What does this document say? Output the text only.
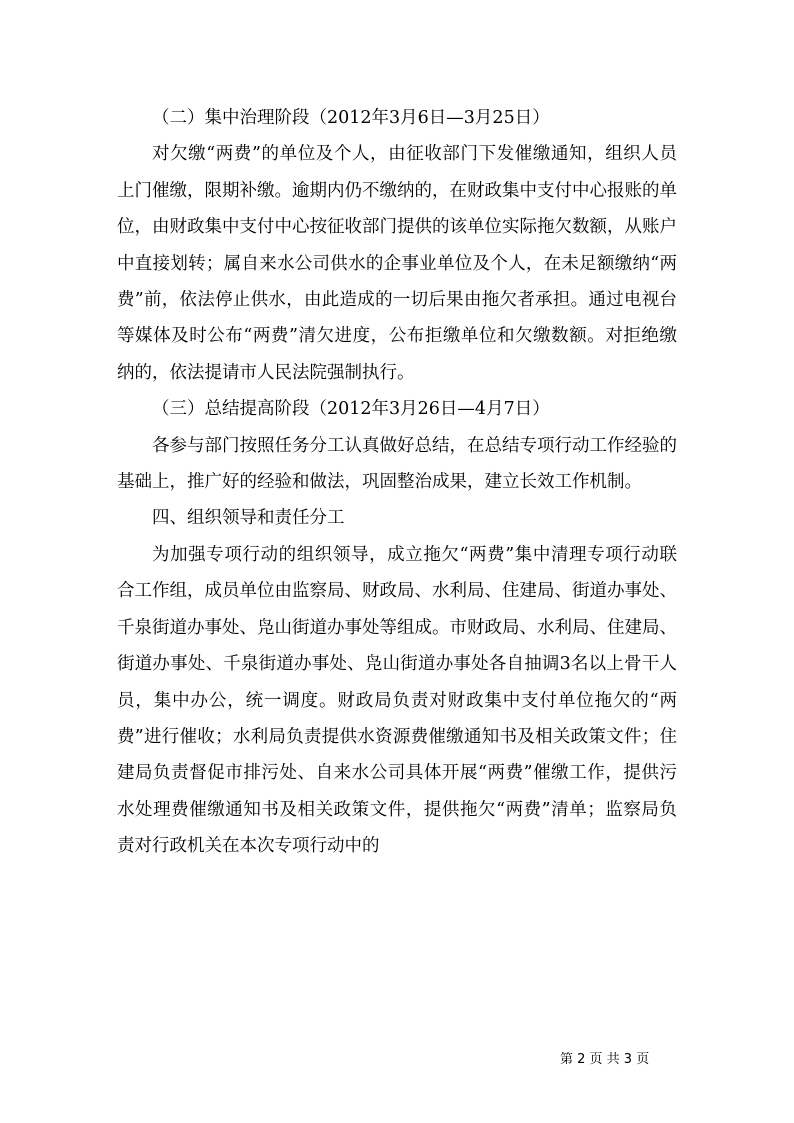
（二）集中治理阶段（2012年3月6日—3月25日）

对欠缴“两费”的单位及个人，由征收部门下发催缴通知，组织人员上门催缴，限期补缴。逾期内仍不缴纳的，在财政集中支付中心报账的单位，由财政集中支付中心按征收部门提供的该单位实际拖欠数额，从账户中直接划转；属自来水公司供水的企事业单位及个人，在未足额缴纳“两费”前，依法停止供水，由此造成的一切后果由拖欠者承担。通过电视台等媒体及时公布“两费”清欠进度，公布拒缴单位和欠缴数额。对拒绝缴纳的，依法提请市人民法院强制执行。

（三）总结提高阶段（2012年3月26日—4月7日）

各参与部门按照任务分工认真做好总结，在总结专项行动工作经验的基础上，推广好的经验和做法，巩固整治成果，建立长效工作机制。

四、组织领导和责任分工

为加强专项行动的组织领导，成立拖欠“两费”集中清理专项行动联合工作组，成员单位由监察局、财政局、水利局、住建局、街道办事处、千泉街道办事处、凫山街道办事处等组成。市财政局、水利局、住建局、街道办事处、千泉街道办事处、凫山街道办事处各自抽调3名以上骨干人员，集中办公，统一调度。财政局负责对财政集中支付单位拖欠的“两费”进行催收；水利局负责提供水资源费催缴通知书及相关政策文件；住建局负责督促市排污处、自来水公司具体开展“两费”催缴工作，提供污水处理费催缴通知书及相关政策文件，提供拖欠“两费”清单；监察局负责对行政机关在本次专项行动中的

第 2 页 共 3 页
